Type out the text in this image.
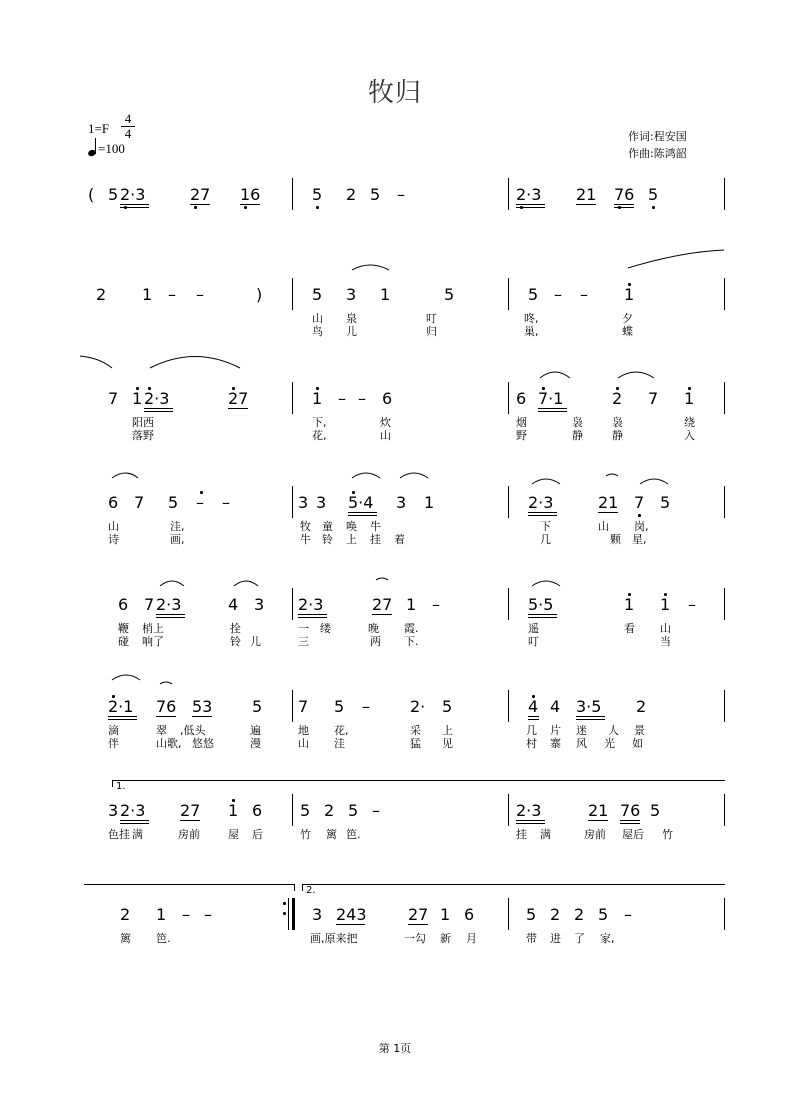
牧归
1=F
4
4
=100
作词:程安国
作曲:陈鸿韶
( 5 2·3	27 16	5 2 5 –	2·3 21 76 5
2 1 – –	)	5 3 1	5	5 – – 1
山 泉	叮	咚,	夕
鸟 儿	归	巢,	蝶
7 1 2·3	27	1 – – 6	6 7·1	2 7 1
阳西	下,	炊	烟	袅	袅	绕
落野	花,	山	野	静	静	入
6 7 5 – –	3 3 5·4 3 1	2·3	21 7 5
山	洼,	牧 童 唤 牛	下	山 岗,
诗	画,	牛 铃 上 挂 着	几	颗 星,
6 7 2·3	4 3 2·3	27 1 –	5·5	1 1 –
鞭 梢上	拴	一 缕	晚 霞.	遥	看 山
碰 响了	铃 儿	三	两 下.	叮	当
2·1 76 53 5 7 5 –	2· 5	4 4 3·5 2
滴	翠 ,低头	遍	地 花,	采 上	几 片 迷 人 景
伴	山歌, 悠悠	漫	山 洼	猛 见	村 寨 风 光 如
3 2·3 27 1 6 5 2 5 –	2·3	21 76 5
色挂 满	房前	屋 后	竹 篱 笆.	挂 满	房前 屋后 竹
2 1 – –	3 243	27 1 6	5 2 2 5 –
篱 笆.	画,原来把	一勾 新 月	带 进 了 家,
1.
2.
第 1页
